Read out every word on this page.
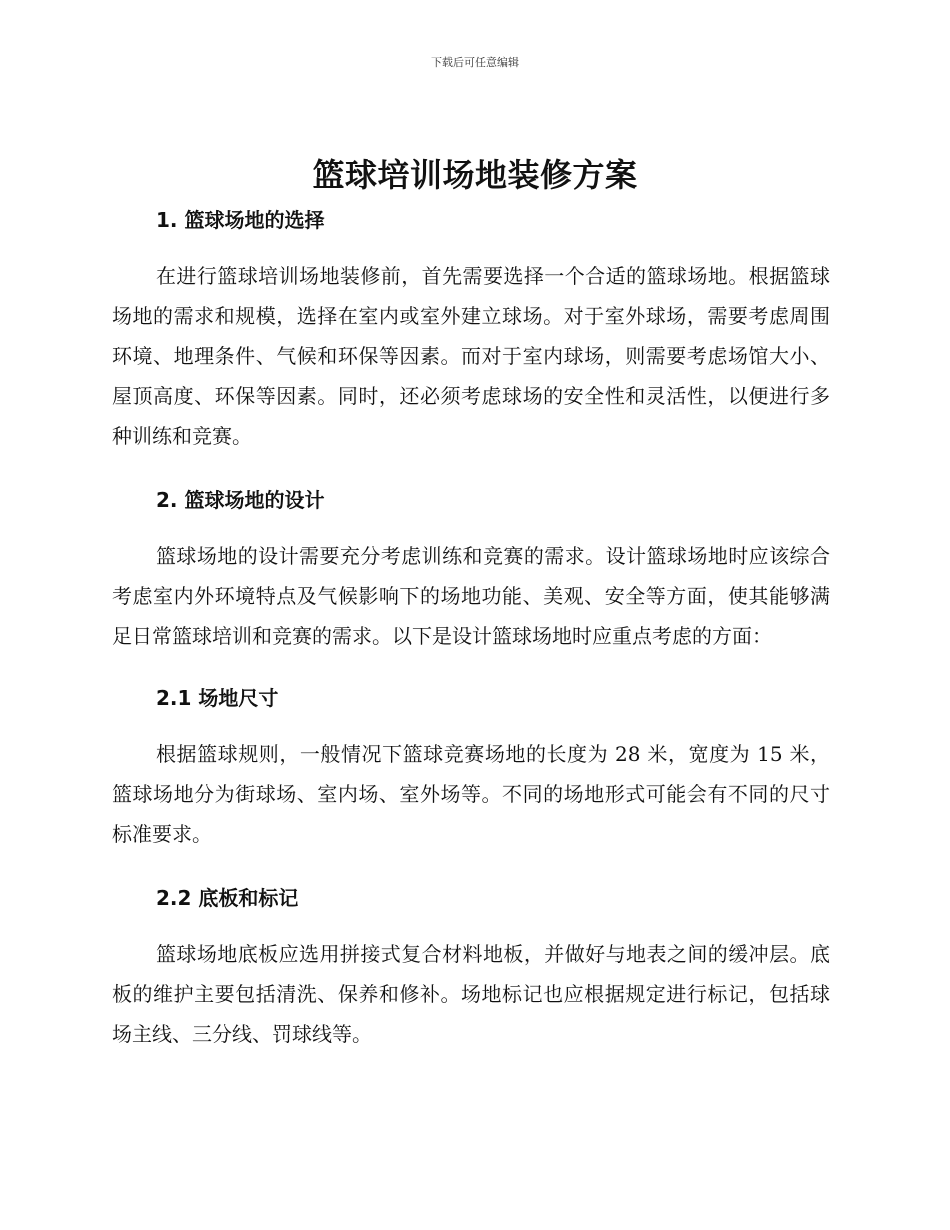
下载后可任意编辑
篮球培训场地装修方案
1. 篮球场地的选择

在进行篮球培训场地装修前，首先需要选择一个合适的篮球场地。根据篮球场地的需求和规模，选择在室内或室外建立球场。对于室外球场，需要考虑周围环境、地理条件、气候和环保等因素。而对于室内球场，则需要考虑场馆大小、屋顶高度、环保等因素。同时，还必须考虑球场的安全性和灵活性，以便进行多种训练和竞赛。

2. 篮球场地的设计

篮球场地的设计需要充分考虑训练和竞赛的需求。设计篮球场地时应该综合考虑室内外环境特点及气候影响下的场地功能、美观、安全等方面，使其能够满足日常篮球培训和竞赛的需求。以下是设计篮球场地时应重点考虑的方面：

2.1 场地尺寸

根据篮球规则，一般情况下篮球竞赛场地的长度为 28 米，宽度为 15 米，篮球场地分为街球场、室内场、室外场等。不同的场地形式可能会有不同的尺寸标准要求。

2.2 底板和标记

篮球场地底板应选用拼接式复合材料地板，并做好与地表之间的缓冲层。底板的维护主要包括清洗、保养和修补。场地标记也应根据规定进行标记，包括球场主线、三分线、罚球线等。
